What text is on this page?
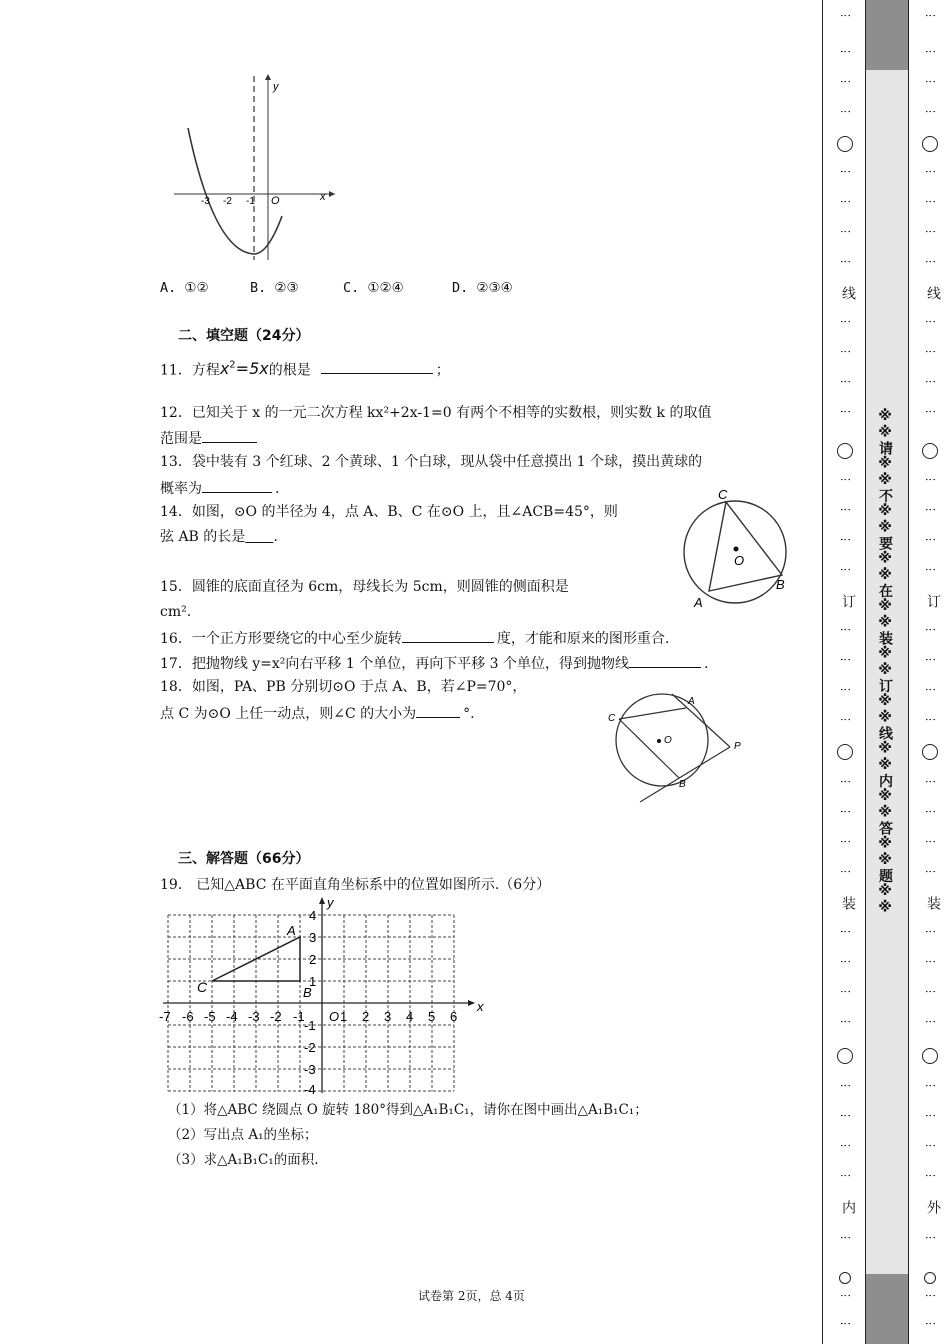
y
x
O
-3 -2 -1
A. ①②	B. ②③	C. ①②④	D. ②③④
二、填空题（24分）
11．方程$x^2=5x$的根是	；
12．已知关于 x 的一元二次方程 kx²+2x-1=0 有两个不相等的实数根，则实数 k 的取值
范围是
13．袋中装有 3 个红球、2 个黄球、1 个白球，现从袋中任意摸出 1 个球，摸出黄球的
概率为	.
14．如图，⊙O 的半径为 4，点 A、B、C 在⊙O 上，且∠ACB=45°，则
弦 AB 的长是＿＿.
C
O
A
B
15．圆锥的底面直径为 6cm，母线长为 5cm，则圆锥的侧面积是
cm².
16．一个正方形要绕它的中心至少旋转	度，才能和原来的图形重合.
17．把抛物线 y=x²向右平移 1 个单位，再向下平移 3 个单位，得到抛物线	.
18．如图，PA、PB 分别切⊙O 于点 A、B，若∠P=70°，
点 C 为⊙O 上任一动点，则∠C 的大小为	°.
A
C
O
P
B
三、解答题（66分）
19． 已知△ABC 在平面直角坐标系中的位置如图所示.（6分）
x
y
O
A
B
C
-7 -6 -5 -4 -3 -2 -1	1 2 3 4 5 6
4
3
2
1
-1
-2
-3
-4
（1）将△ABC 绕圆点 O 旋转 180°得到△A₁B₁C₁，请你在图中画出△A₁B₁C₁；
（2）写出点 A₁的坐标；
（3）求△A₁B₁C₁的面积.
试卷第 2页，总 4页
※※请※※不※※要※※在※※装※※订※※线※※内※※答※※题※※
⋮
⋮
⋮
⋮
⋮
⋮
⋮
⋮
线
⋮
⋮
⋮
⋮
⋮
⋮
⋮
⋮
订
⋮
⋮
⋮
⋮
⋮
⋮
⋮
⋮
装
⋮
⋮
⋮
⋮
⋮
⋮
⋮
⋮
内
⋮
⋮
⋮
⋮
⋮
⋮
⋮
⋮
⋮
⋮
⋮
线
⋮
⋮
⋮
⋮
⋮
⋮
⋮
⋮
订
⋮
⋮
⋮
⋮
⋮
⋮
⋮
⋮
装
⋮
⋮
⋮
⋮
⋮
⋮
⋮
⋮
外
⋮
⋮
⋮
